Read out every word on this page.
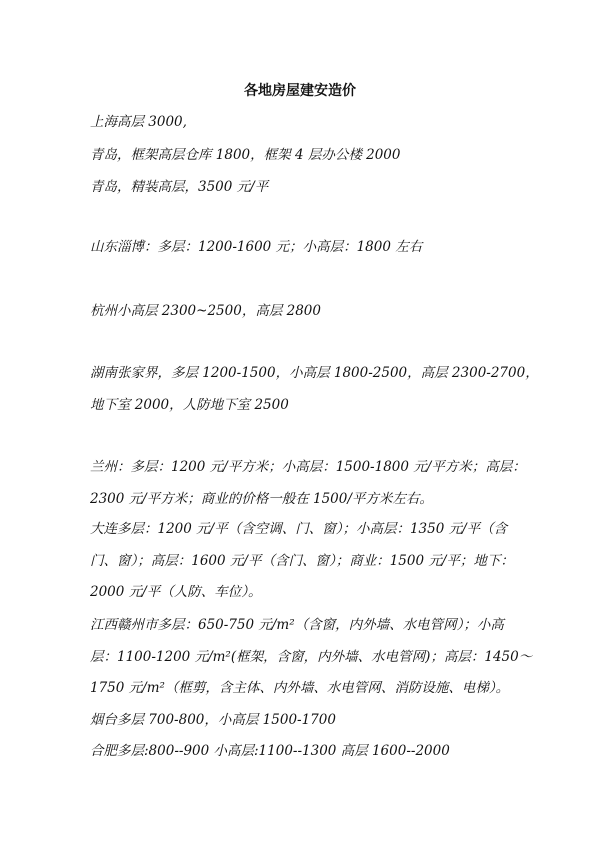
各地房屋建安造价
上海高层 3000,
青岛，框架高层仓库 1800，框架 4 层办公楼 2000
青岛，精装高层，3500 元/平
山东淄博：多层：1200-1600 元；小高层：1800 左右
杭州小高层 2300~2500，高层 2800
湖南张家界，多层 1200-1500，小高层 1800-2500，高层 2300-2700，
地下室 2000，人防地下室 2500
兰州：多层：1200 元/平方米；小高层：1500-1800 元/平方米；高层：
2300 元/平方米；商业的价格一般在 1500/平方米左右。
大连多层：1200 元/平（含空调、门、窗）；小高层：1350 元/平（含
门、窗）；高层：1600 元/平（含门、窗）；商业：1500 元/平；地下：
2000 元/平（人防、车位）。
江西赣州市多层：650-750 元/m²（含窗，内外墙、水电管网）；小高
层：1100-1200 元/m²(框架，含窗，内外墙、水电管网)；高层：1450～
1750 元/m²（框剪，含主体、内外墙、水电管网、消防设施、电梯）。
烟台多层 700-800，小高层 1500-1700
合肥多层:800--900 小高层:1100--1300 高层 1600--2000
